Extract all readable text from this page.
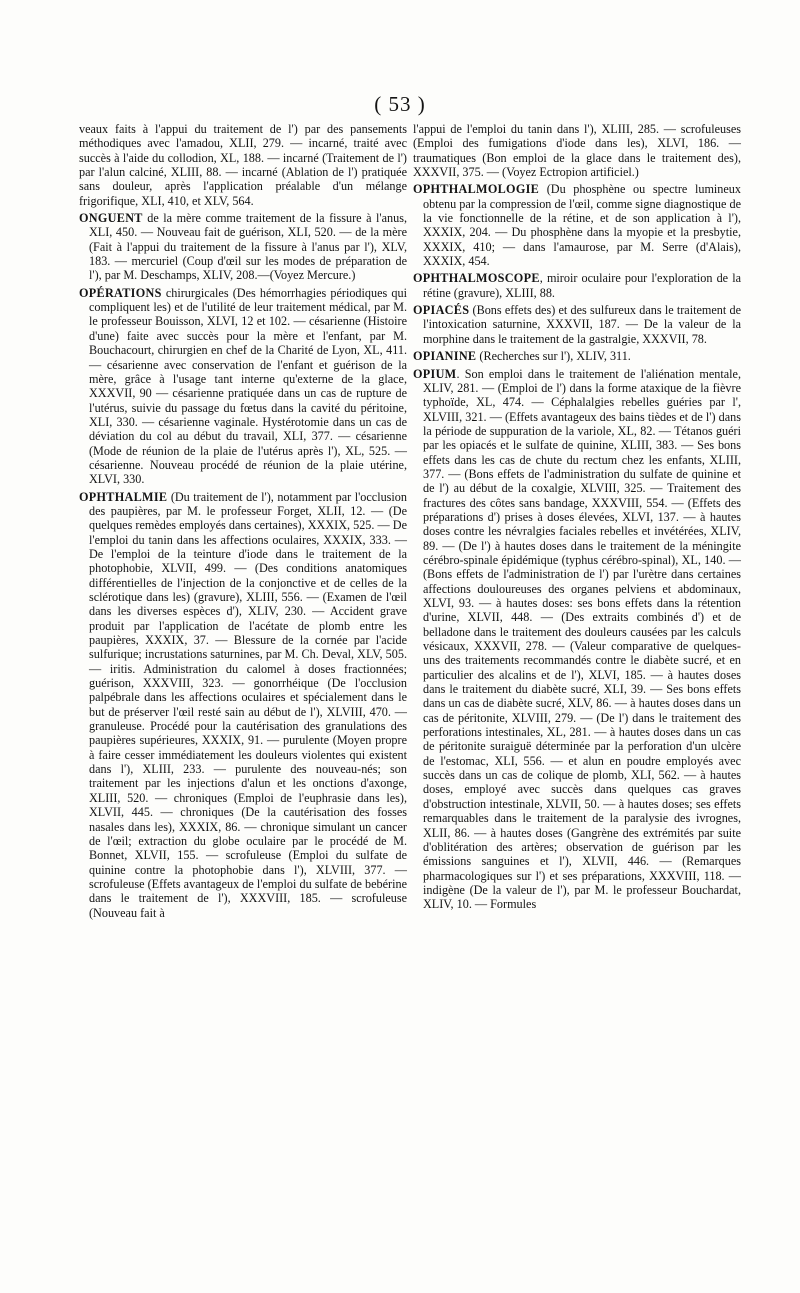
( 53 )

veaux faits à l'appui du traitement de l') par des pansements méthodiques avec l'amadou, XLII, 279. — incarné, traité avec succès à l'aide du collodion, XL, 188. — incarné (Traitement de l') par l'alun calciné, XLIII, 88. — incarné (Ablation de l') pratiquée sans douleur, après l'application préalable d'un mélange frigorifique, XLI, 410, et XLV, 564.

ONGUENT de la mère comme traitement de la fissure à l'anus, XLI, 450. — Nouveau fait de guérison, XLI, 520. — de la mère (Fait à l'appui du traitement de la fissure à l'anus par l'), XLV, 183. — mercuriel (Coup d'œil sur les modes de préparation de l'), par M. Deschamps, XLIV, 208.—(Voyez Mercure.)

OPÉRATIONS chirurgicales (Des hémorrhagies périodiques qui compliquent les) et de l'utilité de leur traitement médical, par M. le professeur Bouisson, XLVI, 12 et 102. — césarienne (Histoire d'une) faite avec succès pour la mère et l'enfant, par M. Bouchacourt, chirurgien en chef de la Charité de Lyon, XL, 411. — césarienne avec conservation de l'enfant et guérison de la mère, grâce à l'usage tant interne qu'externe de la glace, XXXVII, 90 — césarienne pratiquée dans un cas de rupture de l'utérus, suivie du passage du fœtus dans la cavité du péritoine, XLI, 330. — césarienne vaginale. Hystérotomie dans un cas de déviation du col au début du travail, XLI, 377. — césarienne (Mode de réunion de la plaie de l'utérus après l'), XL, 525. — césarienne. Nouveau procédé de réunion de la plaie utérine, XLVI, 330.

OPHTHALMIE (Du traitement de l'), notamment par l'occlusion des paupières, par M. le professeur Forget, XLII, 12. — (De quelques remèdes employés dans certaines), XXXIX, 525. — De l'emploi du tanin dans les affections oculaires, XXXIX, 333. — De l'emploi de la teinture d'iode dans le traitement de la photophobie, XLVII, 499. — (Des conditions anatomiques différentielles de l'injection de la conjonctive et de celles de la sclérotique dans les) (gravure), XLIII, 556. — (Examen de l'œil dans les diverses espèces d'), XLIV, 230. — Accident grave produit par l'application de l'acétate de plomb entre les paupières, XXXIX, 37. — Blessure de la cornée par l'acide sulfurique; incrustations saturnines, par M. Ch. Deval, XLV, 505. — iritis. Administration du calomel à doses fractionnées; guérison, XXXVIII, 323. — gonorrhéique (De l'occlusion palpébrale dans les affections oculaires et spécialement dans le but de préserver l'œil resté sain au début de l'), XLVIII, 470. — granuleuse. Procédé pour la cautérisation des granulations des paupières supérieures, XXXIX, 91. — purulente (Moyen propre à faire cesser immédiatement les douleurs violentes qui existent dans l'), XLIII, 233. — purulente des nouveau-nés; son traitement par les injections d'alun et les onctions d'axonge, XLIII, 520. — chroniques (Emploi de l'euphrasie dans les), XLVII, 445. — chroniques (De la cautérisation des fosses nasales dans les), XXXIX, 86. — chronique simulant un cancer de l'œil; extraction du globe oculaire par le procédé de M. Bonnet, XLVII, 155. — scrofuleuse (Emploi du sulfate de quinine contre la photophobie dans l'), XLVIII, 377. — scrofuleuse (Effets avantageux de l'emploi du sulfate de bebérine dans le traitement de l'), XXXVIII, 185. — scrofuleuse (Nouveau fait à

l'appui de l'emploi du tanin dans l'), XLIII, 285. — scrofuleuses (Emploi des fumigations d'iode dans les), XLVI, 186. — traumatiques (Bon emploi de la glace dans le traitement des), XXXVII, 375. — (Voyez Ectropion artificiel.)

OPHTHALMOLOGIE (Du phosphène ou spectre lumineux obtenu par la compression de l'œil, comme signe diagnostique de la vie fonctionnelle de la rétine, et de son application à l'), XXXIX, 204. — Du phosphène dans la myopie et la presbytie, XXXIX, 410; — dans l'amaurose, par M. Serre (d'Alais), XXXIX, 454.

OPHTHALMOSCOPE, miroir oculaire pour l'exploration de la rétine (gravure), XLIII, 88.

OPIACÉS (Bons effets des) et des sulfureux dans le traitement de l'intoxication saturnine, XXXVII, 187. — De la valeur de la morphine dans le traitement de la gastralgie, XXXVII, 78.

OPIANINE (Recherches sur l'), XLIV, 311.

OPIUM. Son emploi dans le traitement de l'aliénation mentale, XLIV, 281. — (Emploi de l') dans la forme ataxique de la fièvre typhoïde, XL, 474. — Céphalalgies rebelles guéries par l', XLVIII, 321. — (Effets avantageux des bains tièdes et de l') dans la période de suppuration de la variole, XL, 82. — Tétanos guéri par les opiacés et le sulfate de quinine, XLIII, 383. — Ses bons effets dans les cas de chute du rectum chez les enfants, XLIII, 377. — (Bons effets de l'administration du sulfate de quinine et de l') au début de la coxalgie, XLVIII, 325. — Traitement des fractures des côtes sans bandage, XXXVIII, 554. — (Effets des préparations d') prises à doses élevées, XLVI, 137. — à hautes doses contre les névralgies faciales rebelles et invétérées, XLIV, 89. — (De l') à hautes doses dans le traitement de la méningite cérébro-spinale épidémique (typhus cérébro-spinal), XL, 140. — (Bons effets de l'administration de l') par l'urètre dans certaines affections douloureuses des organes pelviens et abdominaux, XLVI, 93. — à hautes doses: ses bons effets dans la rétention d'urine, XLVII, 448. — (Des extraits combinés d') et de belladone dans le traitement des douleurs causées par les calculs vésicaux, XXXVII, 278. — (Valeur comparative de quelques-uns des traitements recommandés contre le diabète sucré, et en particulier des alcalins et de l'), XLVI, 185. — à hautes doses dans le traitement du diabète sucré, XLI, 39. — Ses bons effets dans un cas de diabète sucré, XLV, 86. — à hautes doses dans un cas de péritonite, XLVIII, 279. — (De l') dans le traitement des perforations intestinales, XL, 281. — à hautes doses dans un cas de péritonite suraiguë déterminée par la perforation d'un ulcère de l'estomac, XLI, 556. — et alun en poudre employés avec succès dans un cas de colique de plomb, XLI, 562. — à hautes doses, employé avec succès dans quelques cas graves d'obstruction intestinale, XLVII, 50. — à hautes doses; ses effets remarquables dans le traitement de la paralysie des ivrognes, XLII, 86. — à hautes doses (Gangrène des extrémités par suite d'oblitération des artères; observation de guérison par les émissions sanguines et l'), XLVII, 446. — (Remarques pharmacologiques sur l') et ses préparations, XXXVIII, 118. — indigène (De la valeur de l'), par M. le professeur Bouchardat, XLIV, 10. — Formules
